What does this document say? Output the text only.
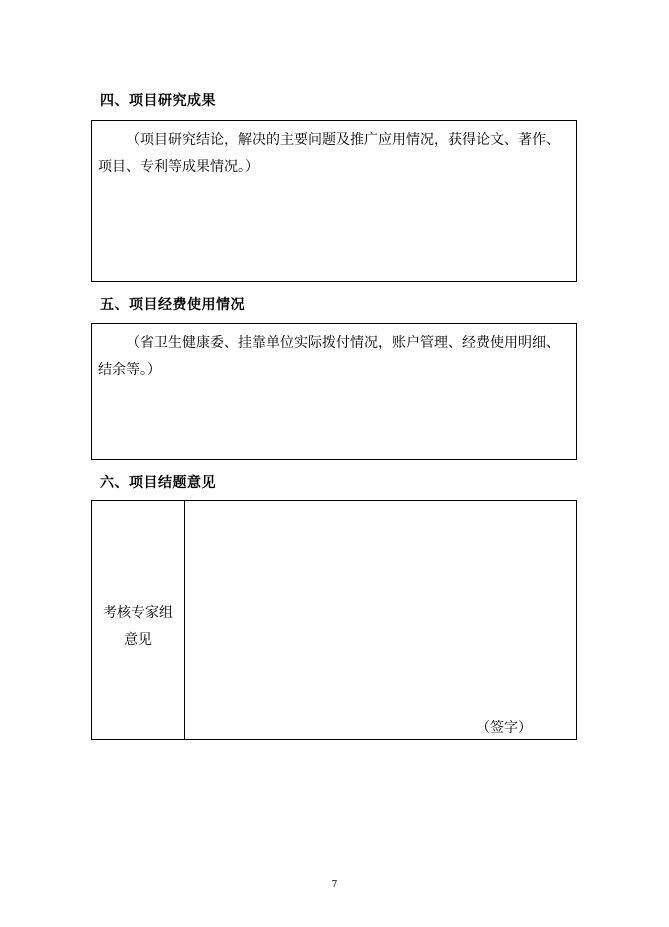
四、项目研究成果
（项目研究结论，解决的主要问题及推广应用情况，获得论文、著作、项目、专利等成果情况。）
五、项目经费使用情况
（省卫生健康委、挂靠单位实际拨付情况，账户管理、经费使用明细、结余等。）
六、项目结题意见
考核专家组意见
（签字）
7
